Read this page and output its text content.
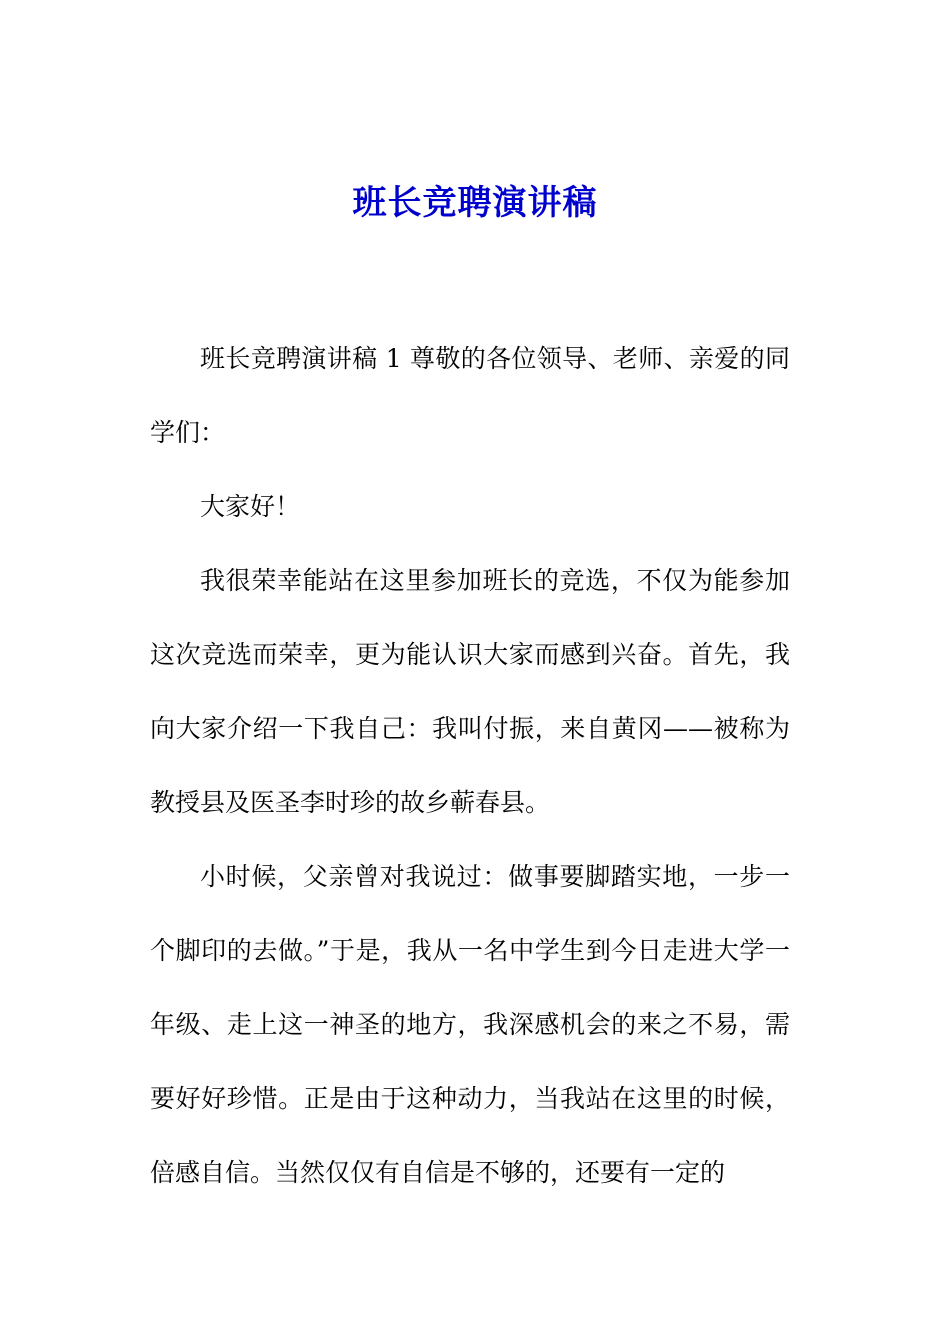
班长竞聘演讲稿

班长竞聘演讲稿 1 尊敬的各位领导、老师、亲爱的同学们：

大家好！

我很荣幸能站在这里参加班长的竞选，不仅为能参加这次竞选而荣幸，更为能认识大家而感到兴奋。首先，我向大家介绍一下我自己：我叫付振，来自黄冈——被称为教授县及医圣李时珍的故乡蕲春县。

小时候，父亲曾对我说过：做事要脚踏实地，一步一个脚印的去做。”于是，我从一名中学生到今日走进大学一年级、走上这一神圣的地方，我深感机会的来之不易，需要好好珍惜。正是由于这种动力，当我站在这里的时候，倍感自信。当然仅仅有自信是不够的，还要有一定的
